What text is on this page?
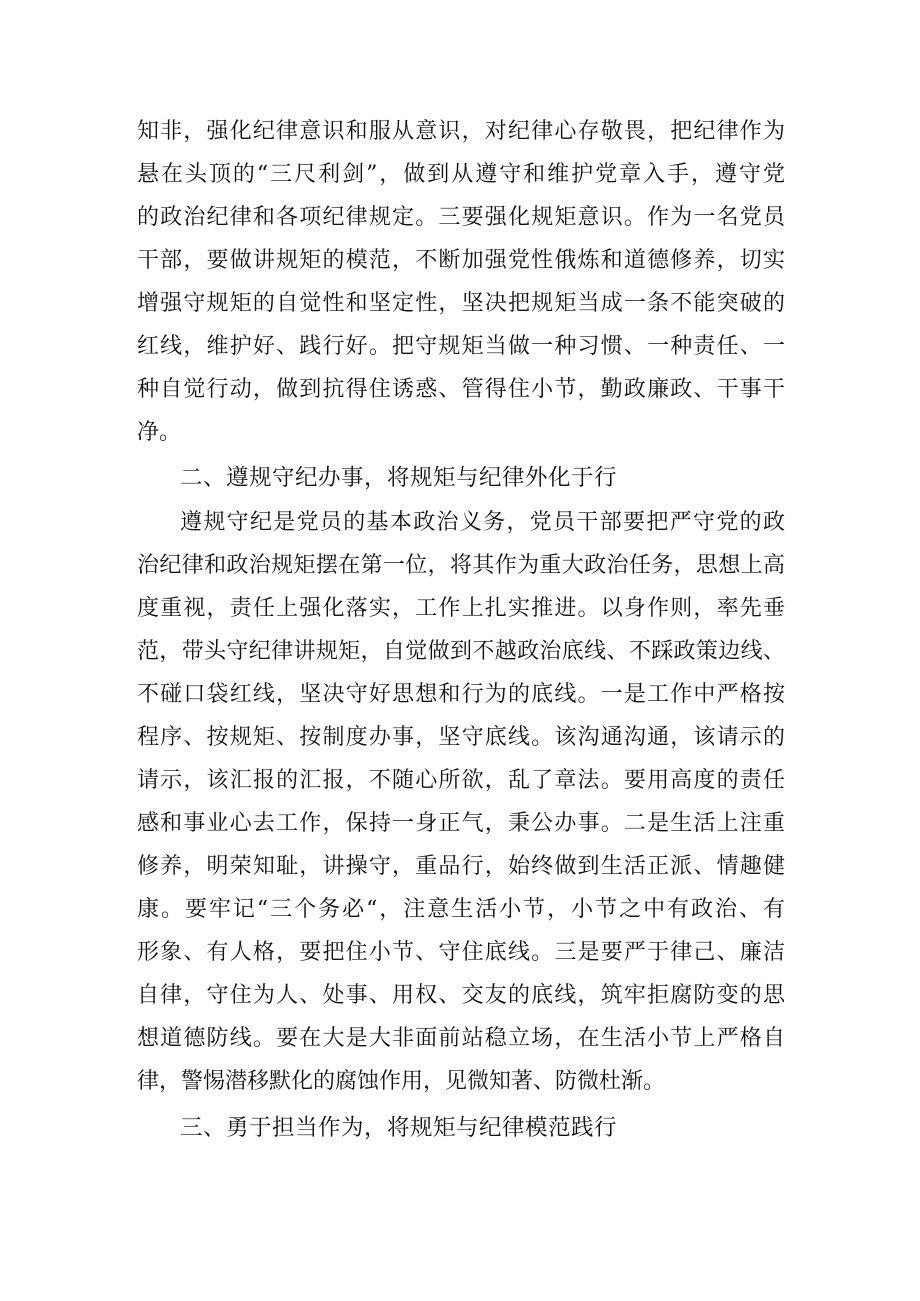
知非，强化纪律意识和服从意识，对纪律心存敬畏，把纪律作为
悬在头顶的“三尺利剑”，做到从遵守和维护党章入手，遵守党
的政治纪律和各项纪律规定。三要强化规矩意识。作为一名党员
干部，要做讲规矩的模范，不断加强党性俄炼和道德修养，切实
增强守规矩的自觉性和坚定性，坚决把规矩当成一条不能突破的
红线，维护好、践行好。把守规矩当做一种习惯、一种责任、一
种自觉行动，做到抗得住诱惑、管得住小节，勤政廉政、干事干
净。
二、遵规守纪办事，将规矩与纪律外化于行
遵规守纪是党员的基本政治义务，党员干部要把严守党的政
治纪律和政治规矩摆在第一位，将其作为重大政治任务，思想上高
度重视，责任上强化落实，工作上扎实推进。以身作则，率先垂
范，带头守纪律讲规矩，自觉做到不越政治底线、不踩政策边线、
不碰口袋红线，坚决守好思想和行为的底线。一是工作中严格按
程序、按规矩、按制度办事，坚守底线。该沟通沟通，该请示的
请示，该汇报的汇报，不随心所欲，乱了章法。要用高度的责任
感和事业心去工作，保持一身正气，秉公办事。二是生活上注重
修养，明荣知耻，讲操守，重品行，始终做到生活正派、情趣健
康。要牢记“三个务必“，注意生活小节，小节之中有政治、有
形象、有人格，要把住小节、守住底线。三是要严于律己、廉洁
自律，守住为人、处事、用权、交友的底线，筑牢拒腐防变的思
想道德防线。要在大是大非面前站稳立场，在生活小节上严格自
律，警惕潜移默化的腐蚀作用，见微知著、防微杜渐。
三、勇于担当作为，将规矩与纪律模范践行
